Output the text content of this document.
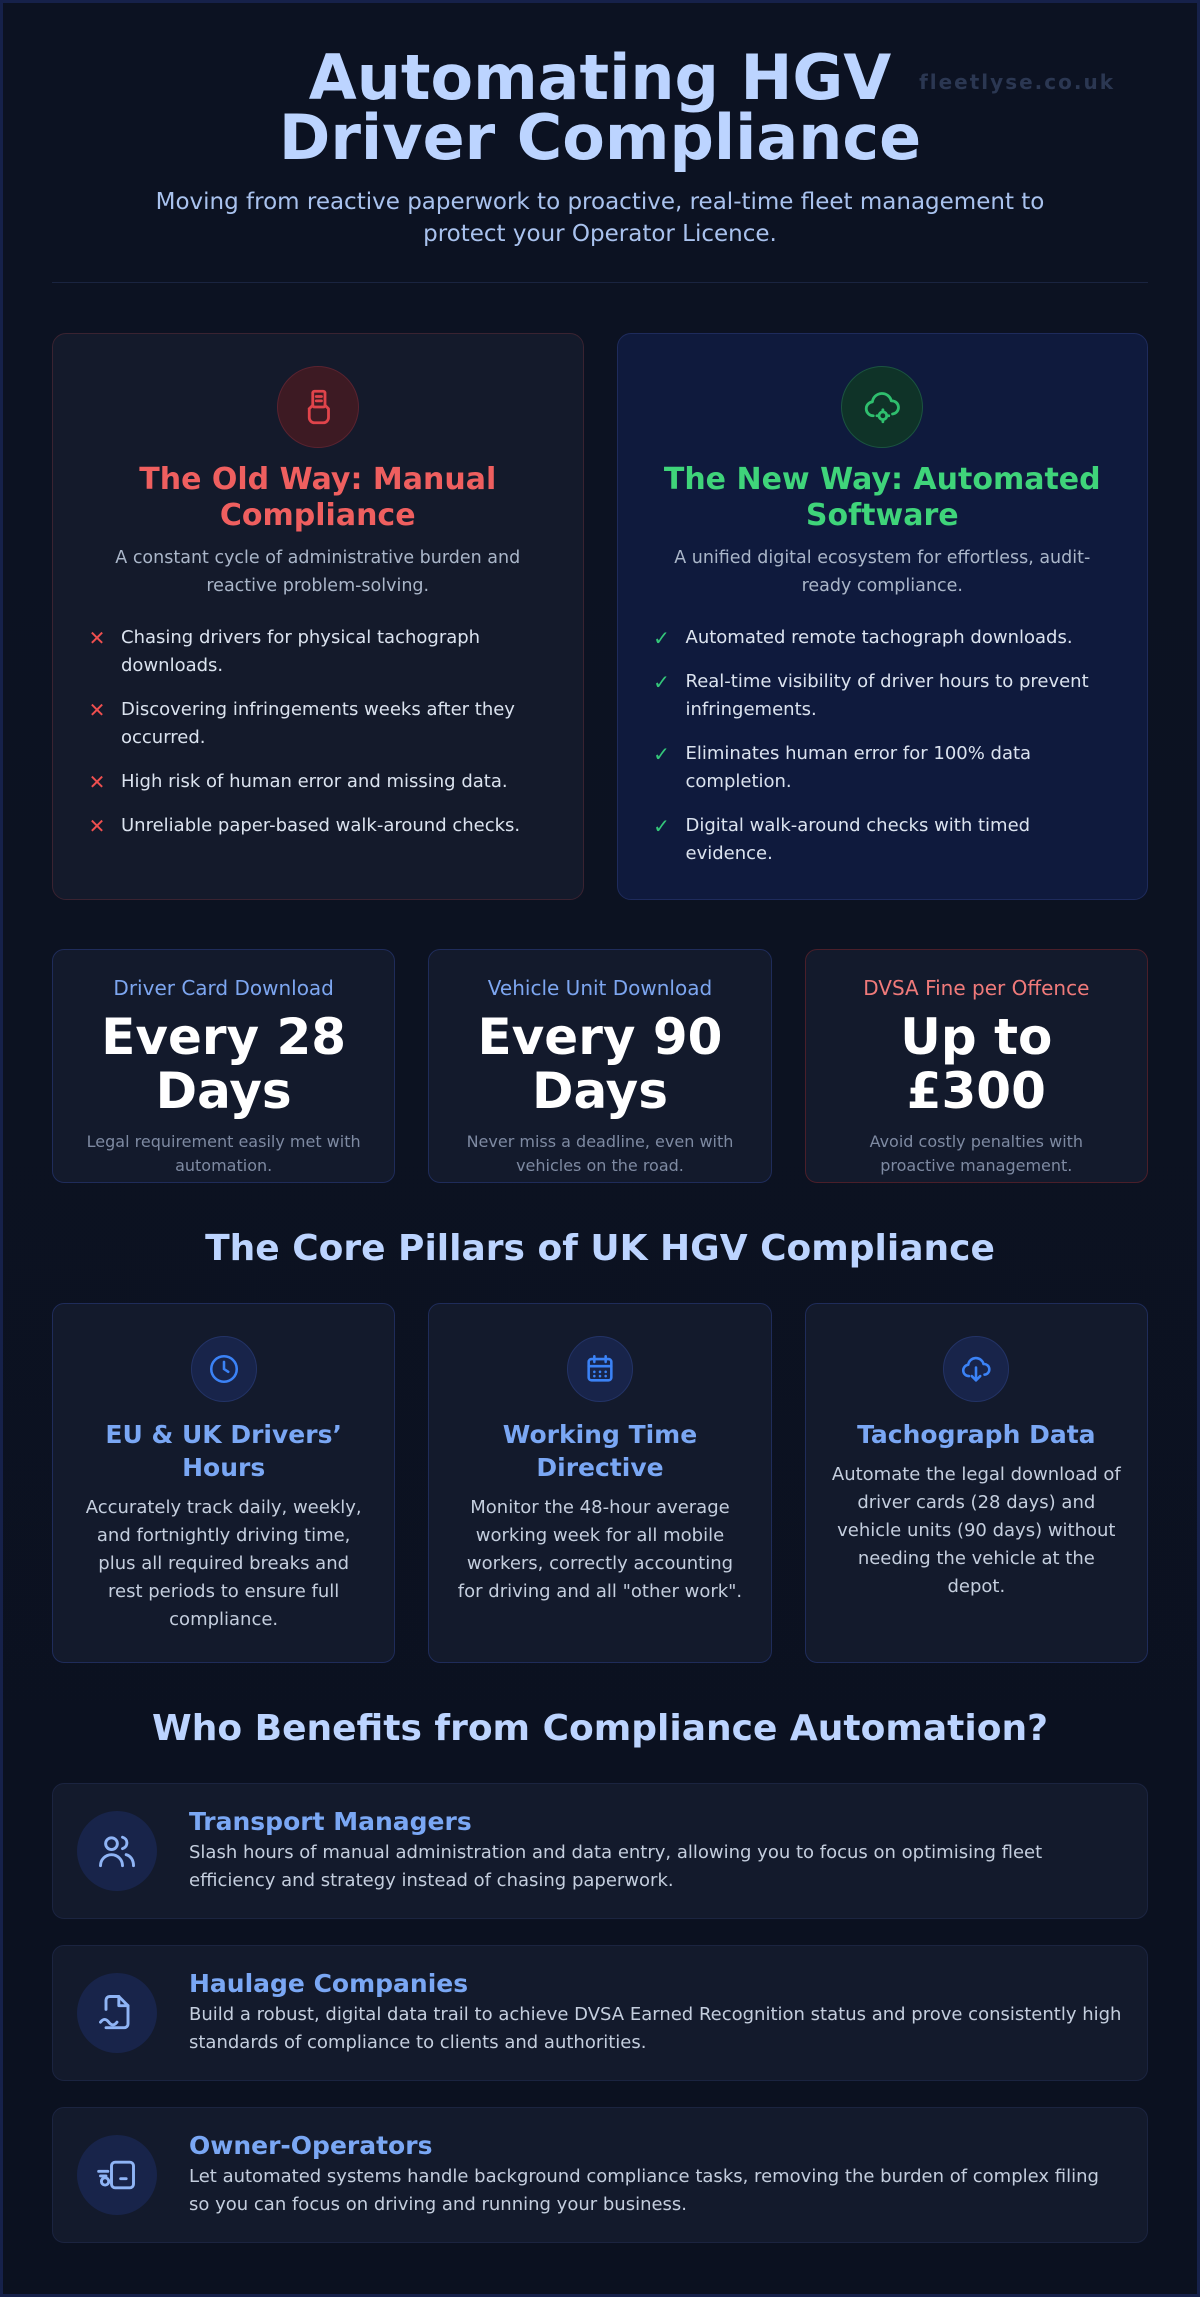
fleetlyse.co.uk
Automating HGV Driver Compliance

Moving from reactive paperwork to proactive, real-time fleet management to protect your Operator Licence.

The Old Way: Manual Compliance
A constant cycle of administrative burden and reactive problem-solving.
✕ Chasing drivers for physical tachograph downloads.
✕ Discovering infringements weeks after they occurred.
✕ High risk of human error and missing data.
✕ Unreliable paper-based walk-around checks.
The New Way: Automated Software
A unified digital ecosystem for effortless, audit-ready compliance.
✓ Automated remote tachograph downloads.
✓ Real-time visibility of driver hours to prevent infringements.
✓ Eliminates human error for 100% data completion.
✓ Digital walk-around checks with timed evidence.
Driver Card Download
Every 28 Days
Legal requirement easily met with automation.
Vehicle Unit Download
Every 90 Days
Never miss a deadline, even with vehicles on the road.
DVSA Fine per Offence
Up to £300
Avoid costly penalties with proactive management.
The Core Pillars of UK HGV Compliance
EU & UK Drivers’ Hours
Accurately track daily, weekly, and fortnightly driving time, plus all required breaks and rest periods to ensure full compliance.
Working Time Directive
Monitor the 48-hour average working week for all mobile workers, correctly accounting for driving and all "other work".
Tachograph Data
Automate the legal download of driver cards (28 days) and vehicle units (90 days) without needing the vehicle at the depot.
Who Benefits from Compliance Automation?
Transport Managers
Slash hours of manual administration and data entry, allowing you to focus on optimising fleet efficiency and strategy instead of chasing paperwork.
Haulage Companies
Build a robust, digital data trail to achieve DVSA Earned Recognition status and prove consistently high standards of compliance to clients and authorities.
Owner-Operators
Let automated systems handle background compliance tasks, removing the burden of complex filing so you can focus on driving and running your business.
